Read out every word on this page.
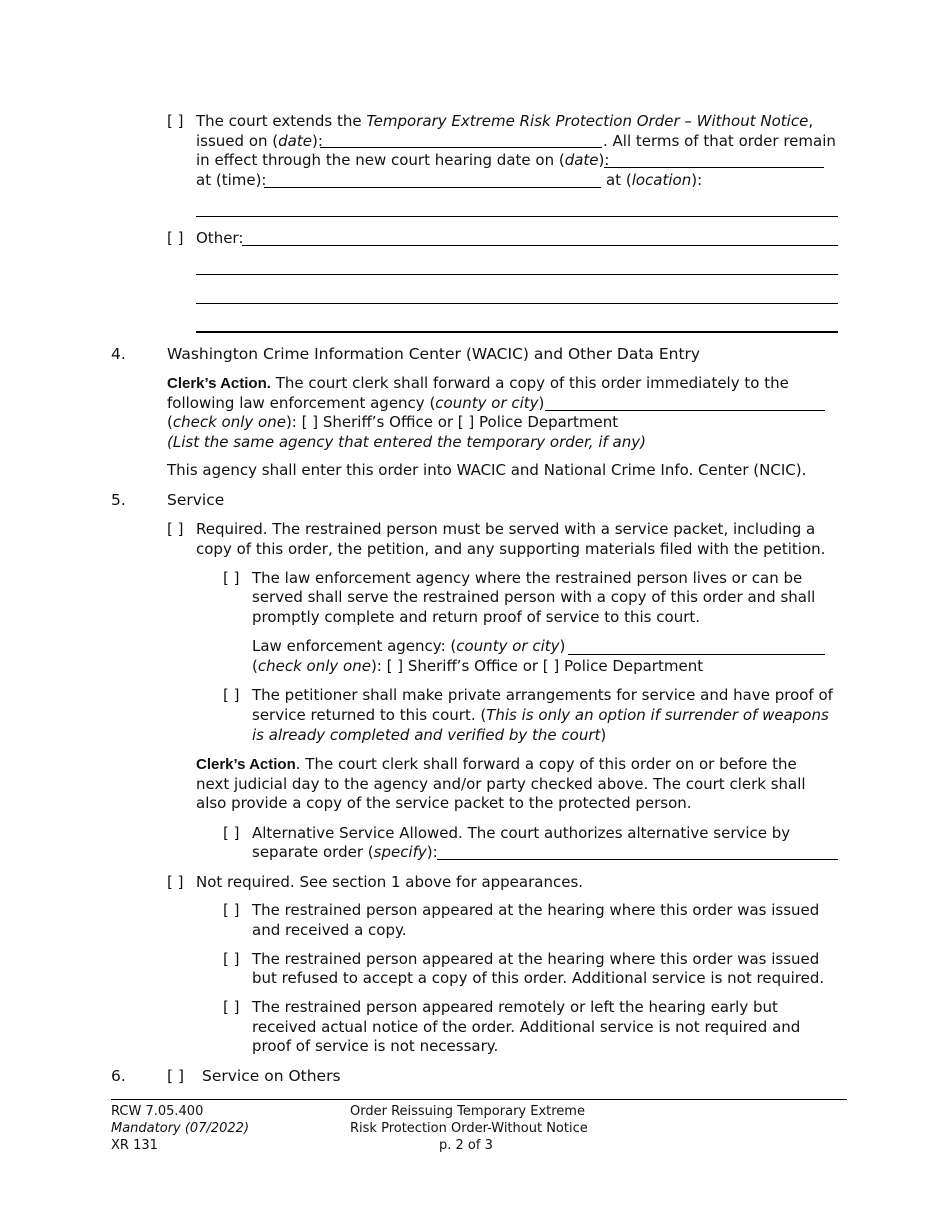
[ ] The court extends the Temporary Extreme Risk Protection Order – Without Notice,
issued on (date):	. All terms of that order remain
in effect through the new court hearing date on (date):
at (time):	at (location):
[ ] Other:
4.	Washington Crime Information Center (WACIC) and Other Data Entry
Clerk’s Action. The court clerk shall forward a copy of this order immediately to the
following law enforcement agency (county or city)
(check only one): [ ] Sheriff’s Office or [ ] Police Department
(List the same agency that entered the temporary order, if any)
This agency shall enter this order into WACIC and National Crime Info. Center (NCIC).
5.	Service
[ ] Required. The restrained person must be served with a service packet, including a
copy of this order, the petition, and any supporting materials filed with the petition.
[ ] The law enforcement agency where the restrained person lives or can be
served shall serve the restrained person with a copy of this order and shall
promptly complete and return proof of service to this court.
Law enforcement agency: (county or city)
(check only one): [ ] Sheriff’s Office or [ ] Police Department
[ ] The petitioner shall make private arrangements for service and have proof of
service returned to this court. (This is only an option if surrender of weapons
is already completed and verified by the court)
Clerk’s Action. The court clerk shall forward a copy of this order on or before the
next judicial day to the agency and/or party checked above. The court clerk shall
also provide a copy of the service packet to the protected person.
[ ] Alternative Service Allowed. The court authorizes alternative service by
separate order (specify):
[ ] Not required. See section 1 above for appearances.
[ ] The restrained person appeared at the hearing where this order was issued
and received a copy.
[ ] The restrained person appeared at the hearing where this order was issued
but refused to accept a copy of this order. Additional service is not required.
[ ] The restrained person appeared remotely or left the hearing early but
received actual notice of the order. Additional service is not required and
proof of service is not necessary.
6.	[ ] Service on Others
RCW 7.05.400
Mandatory (07/2022)
XR 131
Order Reissuing Temporary Extreme
Risk Protection Order-Without Notice
p. 2 of 3
